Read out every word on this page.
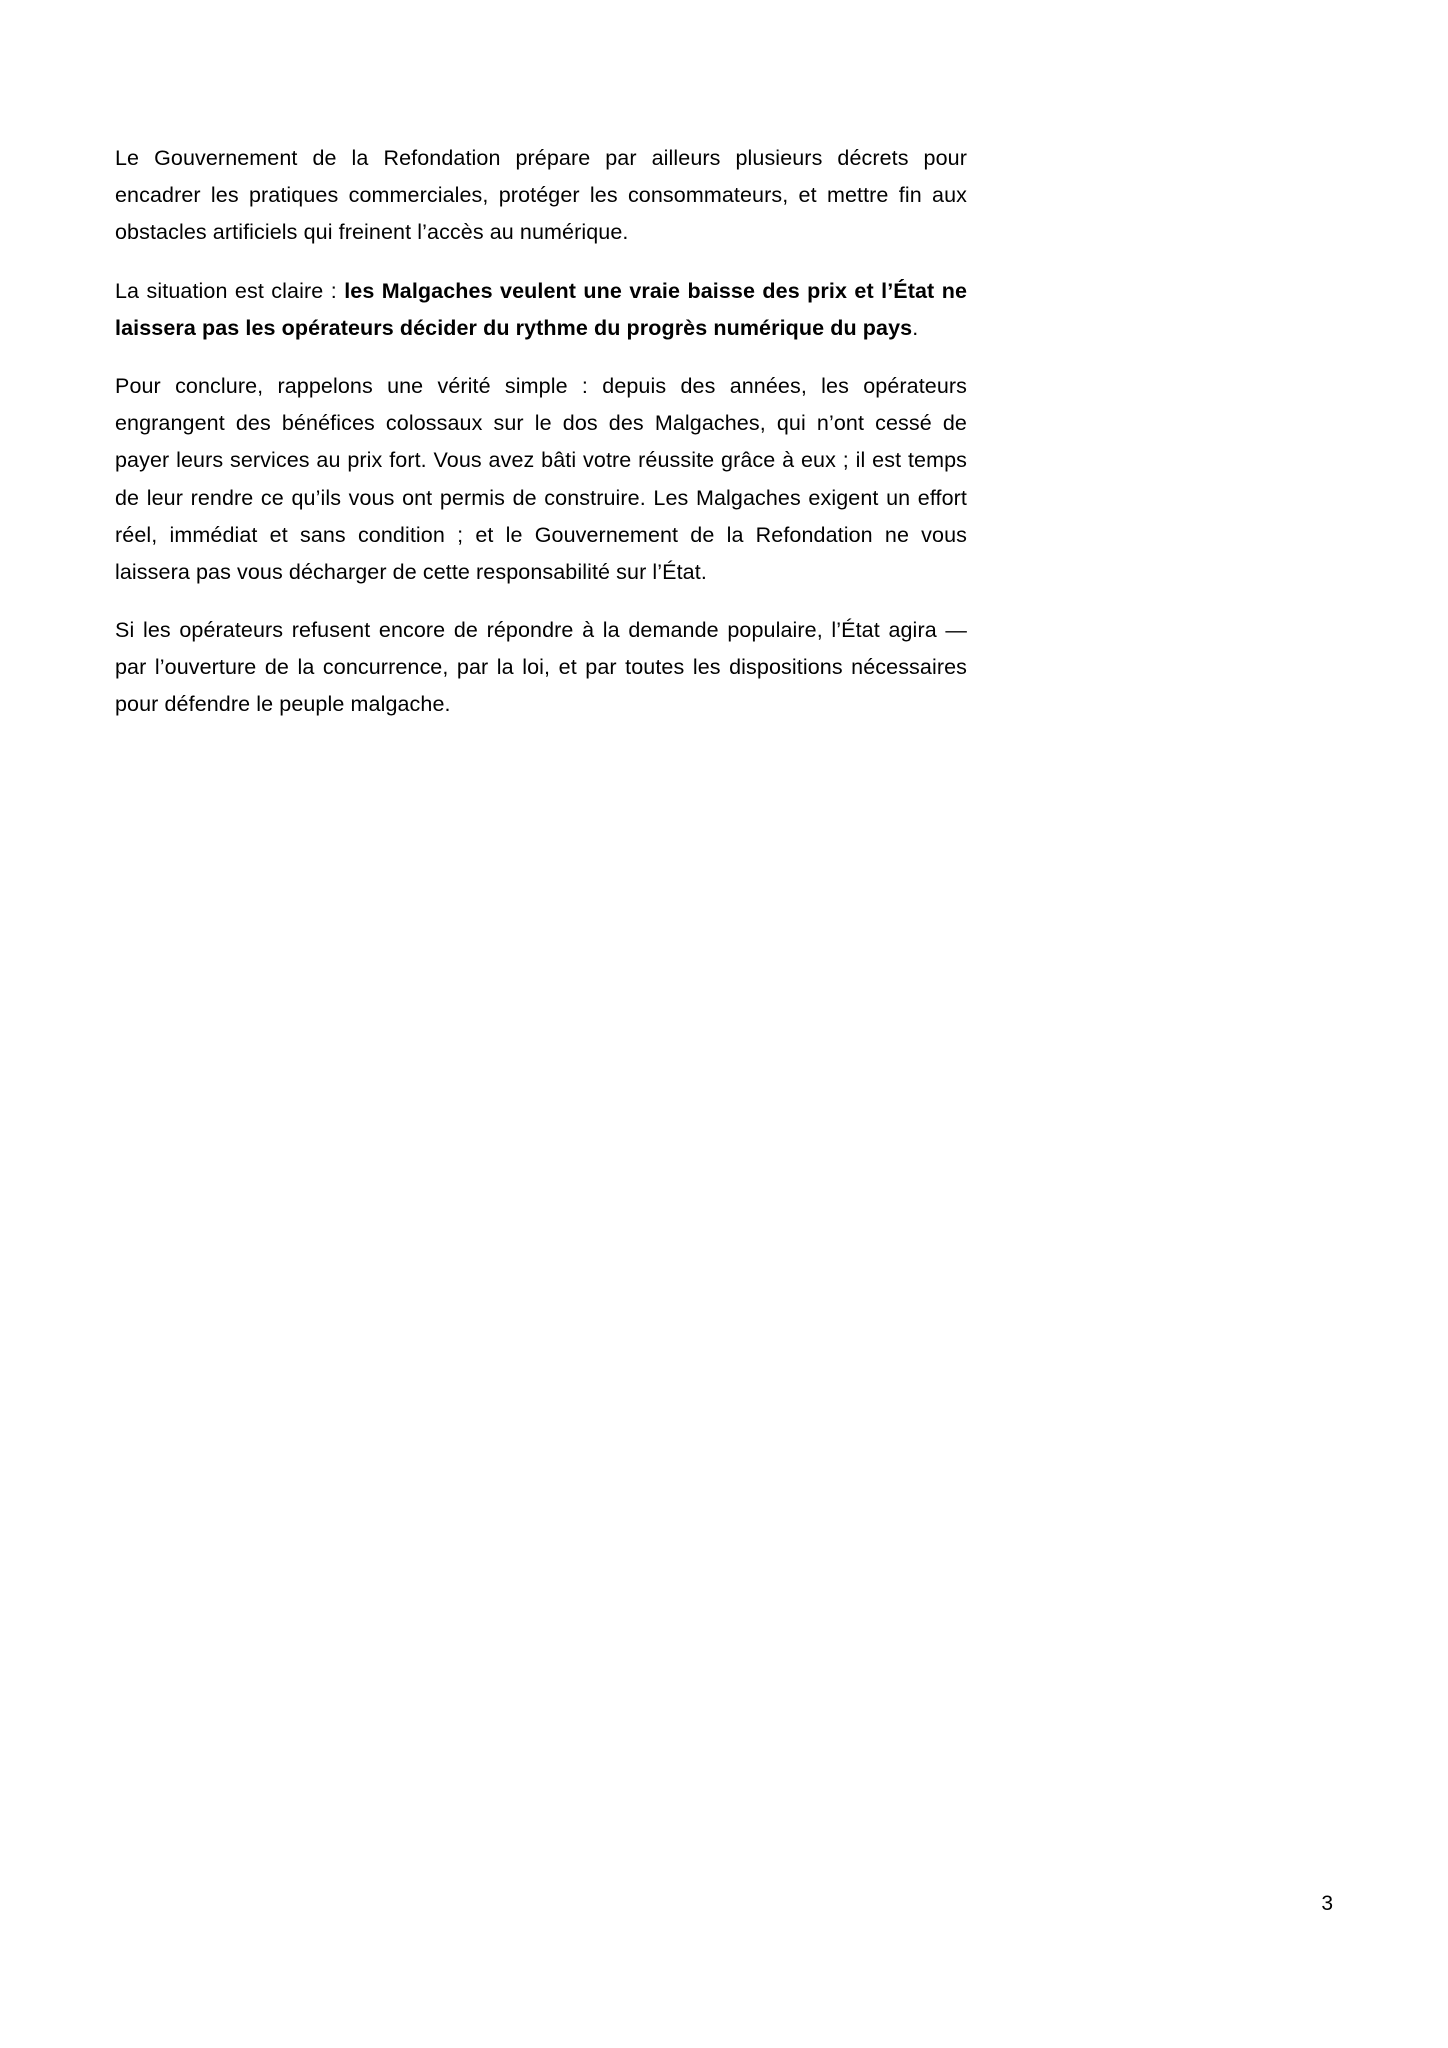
Le Gouvernement de la Refondation prépare par ailleurs plusieurs décrets pour encadrer les pratiques commerciales, protéger les consommateurs, et mettre fin aux obstacles artificiels qui freinent l’accès au numérique.

La situation est claire : les Malgaches veulent une vraie baisse des prix et l’État ne laissera pas les opérateurs décider du rythme du progrès numérique du pays.

Pour conclure, rappelons une vérité simple : depuis des années, les opérateurs engrangent des bénéfices colossaux sur le dos des Malgaches, qui n’ont cessé de payer leurs services au prix fort. Vous avez bâti votre réussite grâce à eux ; il est temps de leur rendre ce qu’ils vous ont permis de construire. Les Malgaches exigent un effort réel, immédiat et sans condition ; et le Gouvernement de la Refondation ne vous laissera pas vous décharger de cette responsabilité sur l’État.

Si les opérateurs refusent encore de répondre à la demande populaire, l’État agira — par l’ouverture de la concurrence, par la loi, et par toutes les dispositions nécessaires pour défendre le peuple malgache.

3
